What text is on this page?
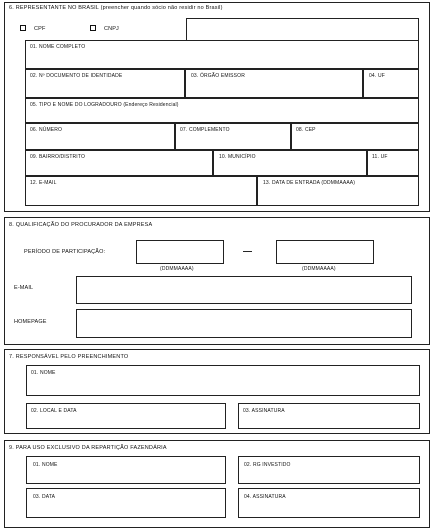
6. REPRESENTANTE NO BRASIL (preencher quando sócio não residir no Brasil)
CPF	CNPJ
01. NOME COMPLETO
02. Nº DOCUMENTO DE IDENTIDADE	03. ÓRGÃO EMISSOR	04. UF
05. TIPO E NOME DO LOGRADOURO (Endereço Residencial)
06. NÚMERO	07. COMPLEMENTO	08. CEP
09. BAIRRO/DISTRITO	10. MUNICÍPIO	11. UF
12. E-MAIL	13. DATA DE ENTRADA (DDMMAAAA)
8. QUALIFICAÇÃO DO PROCURADOR DA EMPRESA
PERÍODO DE PARTICIPAÇÃO:	—
(DDMMAAAA)	(DDMMAAAA)
E-MAIL
HOMEPAGE
7. RESPONSÁVEL PELO PREENCHIMENTO
01. NOME
02. LOCAL E DATA	03. ASSINATURA
9. PARA USO EXCLUSIVO DA REPARTIÇÃO FAZENDÁRIA
01. NOME	02. RG INVESTIDO
03. DATA	04. ASSINATURA
